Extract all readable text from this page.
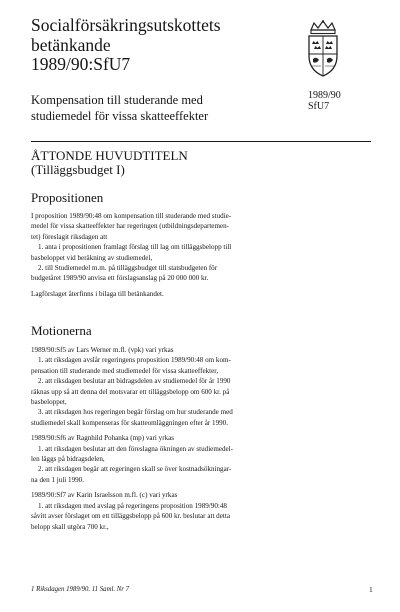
Socialförsäkringsutskottets
betänkande
1989/90:SfU7
Kompensation till studerande med
studiemedel för vissa skatteeffekter
1989/90
SfU7
ÅTTONDE HUVUDTITELN
(Tilläggsbudget I)
Propositionen

I proposition 1989/90:48 om kompensation till studerande med studie-

medel för vissa skatteeffekter har regeringen (utbildningsdepartemen-

tet) föreslagit riksdagen att

1. anta i propositionen framlagt förslag till lag om tilläggsbelopp till

basbeloppet vid beräkning av studiemedel,

2. till Studiemedel m.m. på tilläggsbudget till statsbudgeten för

budgetåret 1989/90 anvisa ett förslagsanslag på 20 000 000 kr.

Lagförslaget återfinns i bilaga till betänkandet.

Motionerna

1989/90:Sf5 av Lars Werner m.fl. (vpk) vari yrkas

1. att riksdagen avslår regeringens proposition 1989/90:48 om kom-

pensation till studerande med studiemedel för vissa skatteeffekter,

2. att riksdagen beslutar att bidragsdelen av studiemedel för år 1990

räknas upp så att denna del motsvarar ett tilläggsbelopp om 600 kr. på

basbeloppet,

3. att riksdagen hos regeringen begär förslag om hur studerande med

studiemedel skall kompenseras för skatteomläggningen efter år 1990.

1989/90:Sf6 av Ragnhild Pohanka (mp) vari yrkas

1. att riksdagen beslutar att den föreslagna ökningen av studiemedel-

len läggs på bidragsdelen,

2. att riksdagen begär att regeringen skall se över kostnadsökningar-

na den 1 juli 1990.

1989/90:Sf7 av Karin Israelsson m.fl. (c) vari yrkas

1. att riksdagen med avslag på regeringens proposition 1989/90:48

såvitt avser förslaget om ett tilläggsbelopp på 600 kr. beslutar att detta

belopp skall utgöra 700 kr.,

1 Riksdagen 1989/90. 11 Saml. Nr 7	1
